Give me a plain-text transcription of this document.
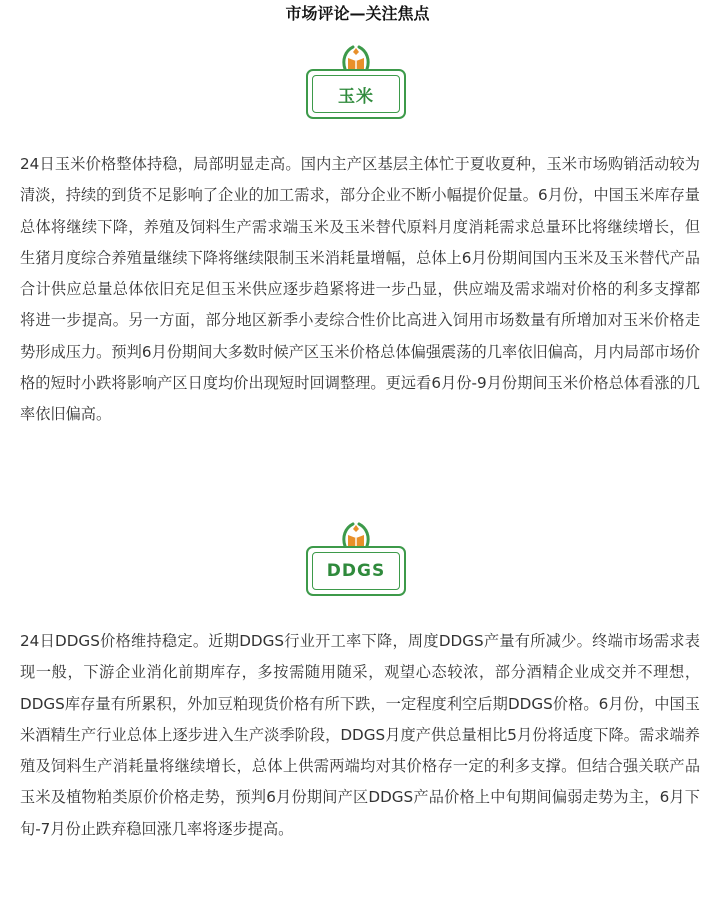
市场评论—关注焦点
玉米

24日玉米价格整体持稳，局部明显走高。国内主产区基层主体忙于夏收夏种，玉米市场购销活动较为清淡，持续的到货不足影响了企业的加工需求，部分企业不断小幅提价促量。6月份，中国玉米库存量总体将继续下降，养殖及饲料生产需求端玉米及玉米替代原料月度消耗需求总量环比将继续增长，但生猪月度综合养殖量继续下降将继续限制玉米消耗量增幅，总体上6月份期间国内玉米及玉米替代产品合计供应总量总体依旧充足但玉米供应逐步趋紧将进一步凸显，供应端及需求端对价格的利多支撑都将进一步提高。另一方面，部分地区新季小麦综合性价比高进入饲用市场数量有所增加对玉米价格走势形成压力。预判6月份期间大多数时候产区玉米价格总体偏强震荡的几率依旧偏高，月内局部市场价格的短时小跌将影响产区日度均价出现短时回调整理。更远看6月份-9月份期间玉米价格总体看涨的几率依旧偏高。

DDGS

24日DDGS价格维持稳定。近期DDGS行业开工率下降，周度DDGS产量有所减少。终端市场需求表现一般，下游企业消化前期库存，多按需随用随采，观望心态较浓，部分酒精企业成交并不理想，DDGS库存量有所累积，外加豆粕现货价格有所下跌，一定程度利空后期DDGS价格。6月份，中国玉米酒精生产行业总体上逐步进入生产淡季阶段，DDGS月度产供总量相比5月份将适度下降。需求端养殖及饲料生产消耗量将继续增长，总体上供需两端均对其价格存一定的利多支撑。但结合强关联产品玉米及植物粕类原价价格走势，预判6月份期间产区DDGS产品价格上中旬期间偏弱走势为主，6月下旬-7月份止跌弃稳回涨几率将逐步提高。
